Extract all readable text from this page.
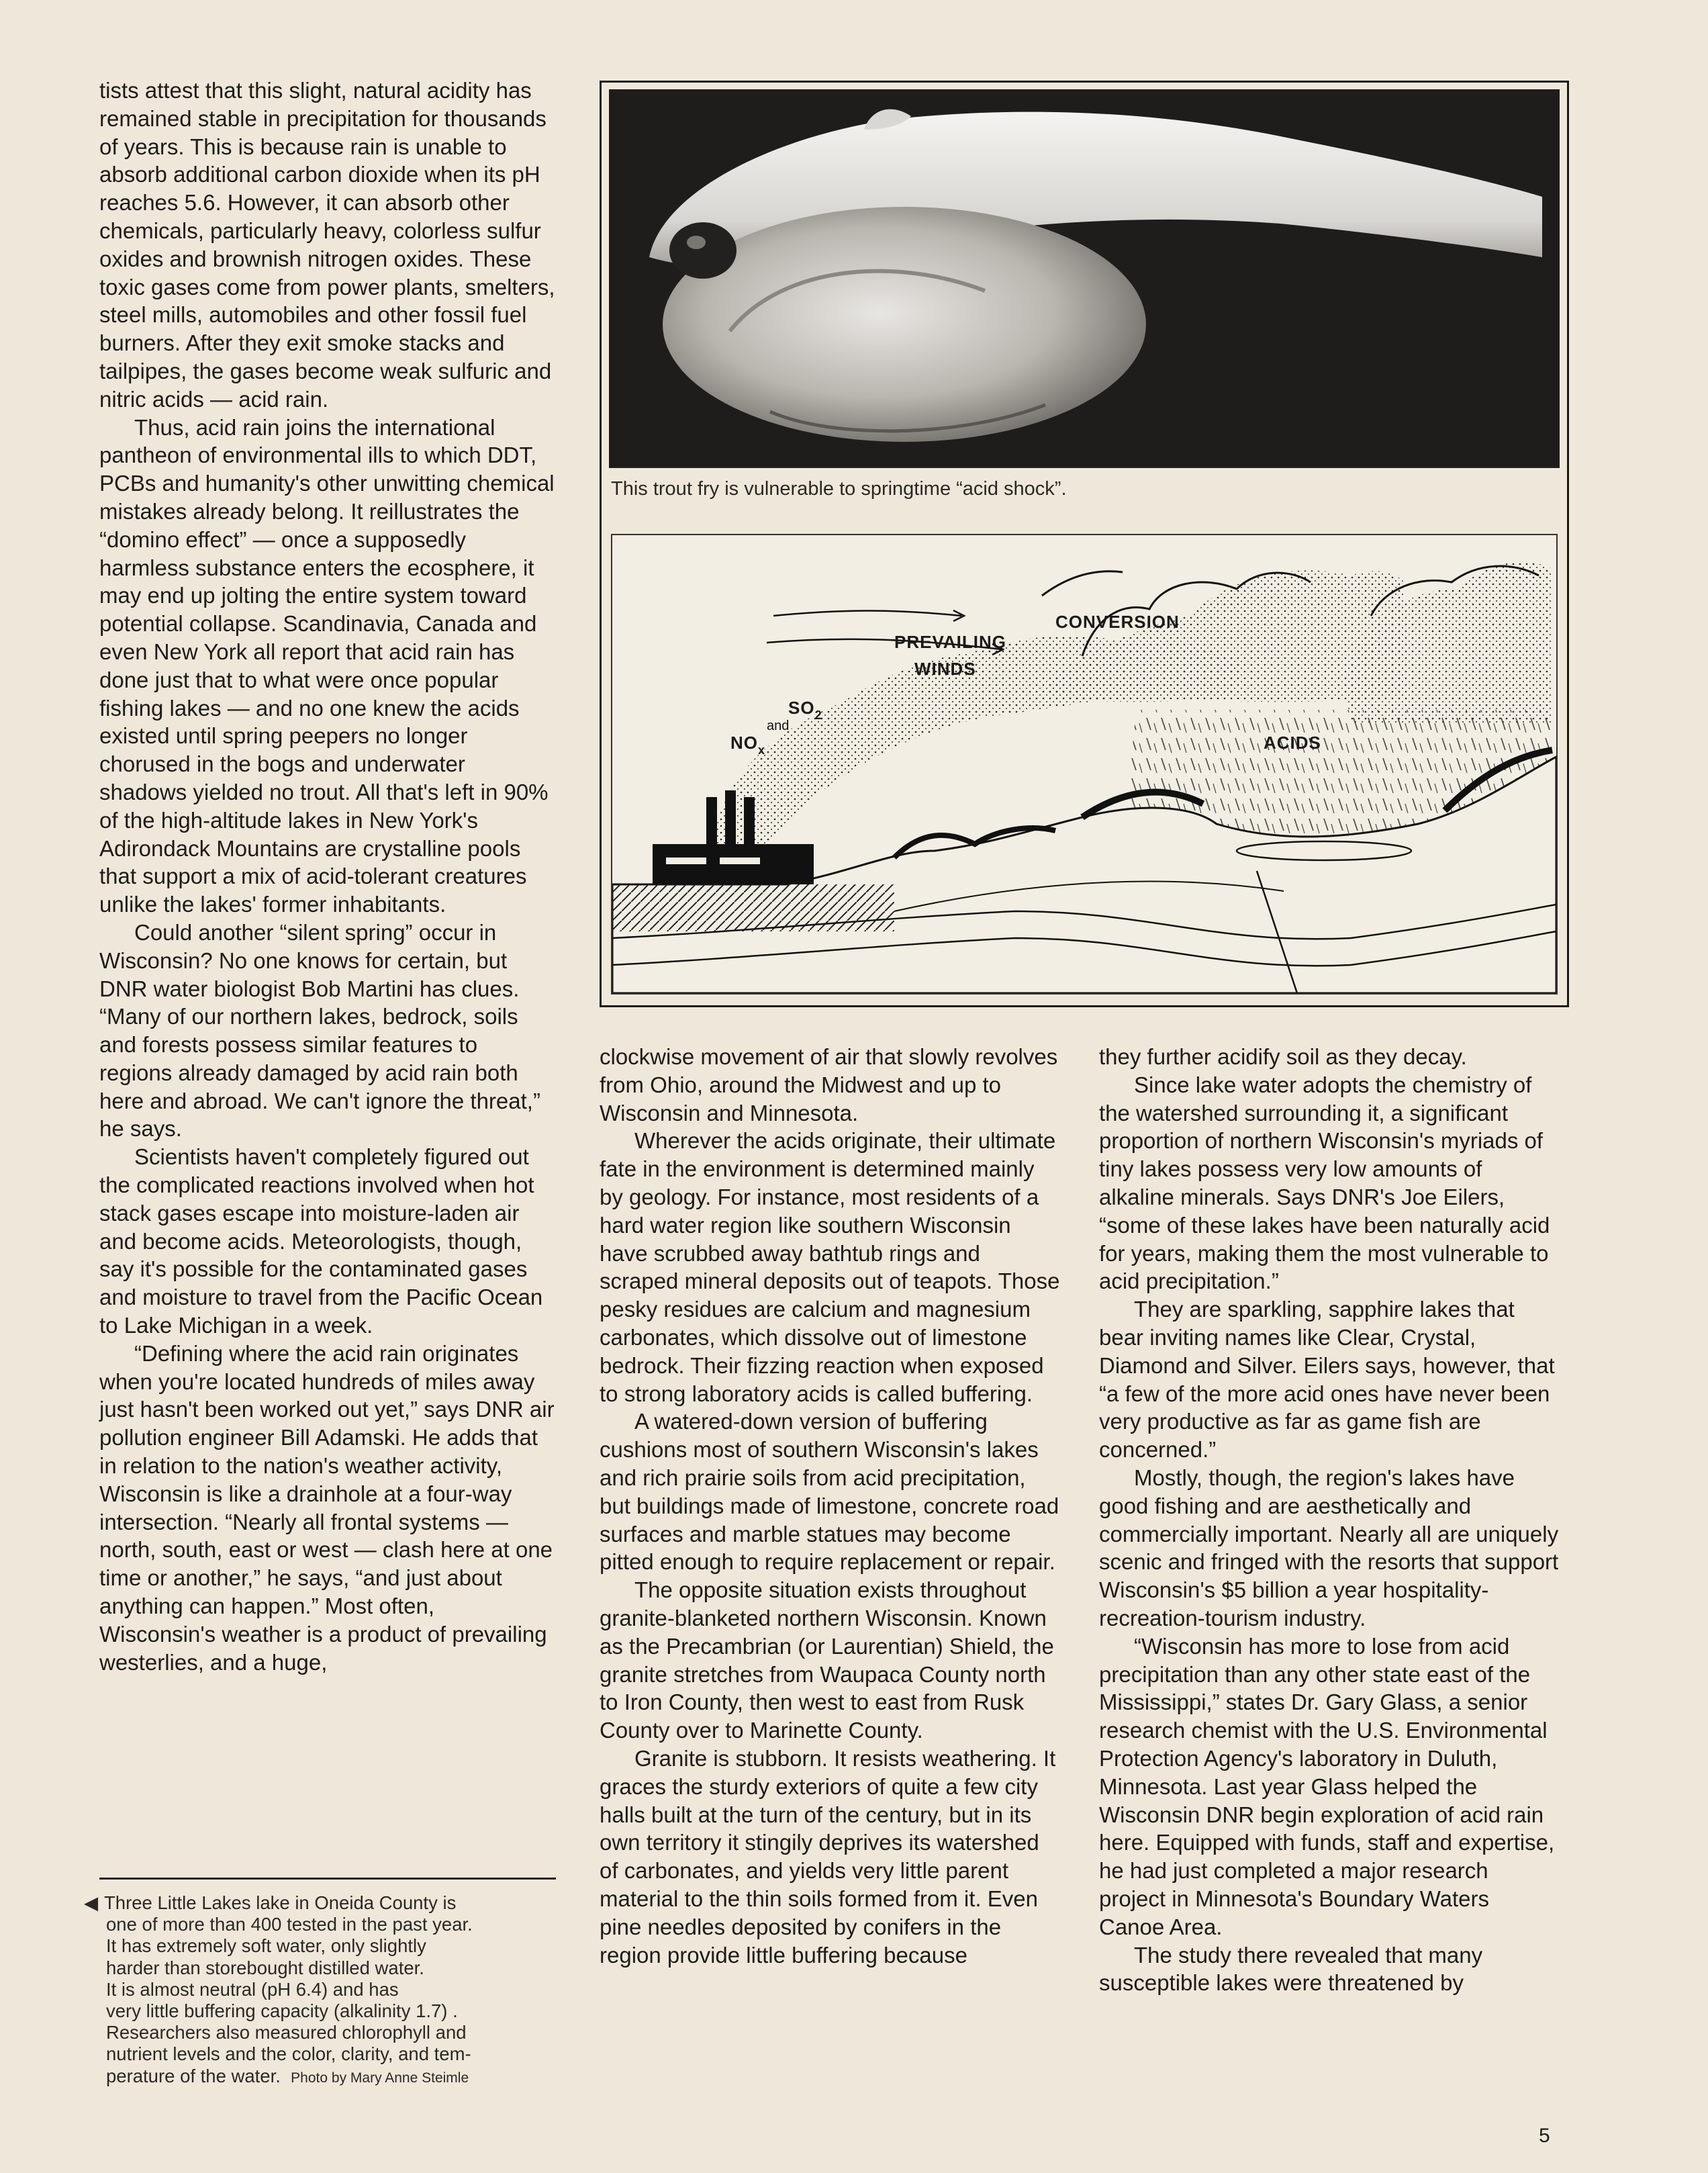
tists attest that this slight, natural acidity has remained stable in precipitation for thousands of years. This is because rain is unable to absorb additional carbon dioxide when its pH reaches 5.6. However, it can absorb other chemicals, particularly heavy, colorless sulfur oxides and brownish nitrogen oxides. These toxic gases come from power plants, smelters, steel mills, automobiles and other fossil fuel burners. After they exit smoke stacks and tailpipes, the gases become weak sulfuric and nitric acids — acid rain.

Thus, acid rain joins the international pantheon of environmental ills to which DDT, PCBs and humanity's other unwitting chemical mistakes already belong. It reillustrates the “domino effect” — once a supposedly harmless substance enters the ecosphere, it may end up jolting the entire system toward potential collapse. Scandinavia, Canada and even New York all report that acid rain has done just that to what were once popular fishing lakes — and no one knew the acids existed until spring peepers no longer chorused in the bogs and underwater shadows yielded no trout. All that's left in 90% of the high-altitude lakes in New York's Adirondack Mountains are crystalline pools that support a mix of acid-tolerant creatures unlike the lakes' former inhabitants.

Could another “silent spring” occur in Wisconsin? No one knows for certain, but DNR water biologist Bob Martini has clues. “Many of our northern lakes, bedrock, soils and forests possess similar features to regions already damaged by acid rain both here and abroad. We can't ignore the threat,” he says.

Scientists haven't completely figured out the complicated reactions involved when hot stack gases escape into moisture-laden air and become acids. Meteorologists, though, say it's possible for the contaminated gases and moisture to travel from the Pacific Ocean to Lake Michigan in a week.

“Defining where the acid rain originates when you're located hundreds of miles away just hasn't been worked out yet,” says DNR air pollution engineer Bill Adamski. He adds that in relation to the nation's weather activity, Wisconsin is like a drainhole at a four-way intersection. “Nearly all frontal systems — north, south, east or west — clash here at one time or another,” he says, “and just about anything can happen.” Most often, Wisconsin's weather is a product of prevailing westerlies, and a huge,

◀ Three Little Lakes lake in Oneida County is
one of more than 400 tested in the past year.
It has extremely soft water, only slightly
harder than storebought distilled water.
It is almost neutral (pH 6.4) and has
very little buffering capacity (alkalinity 1.7) .
Researchers also measured chlorophyll and
nutrient levels and the color, clarity, and tem-
perature of the water. Photo by Mary Anne Steimle
This trout fry is vulnerable to springtime “acid shock”.
PREVAILING
WINDS
CONVERSION
ACIDS
$SO_2$
and
$NO_x$

clockwise movement of air that slowly revolves from Ohio, around the Midwest and up to Wisconsin and Minnesota.

Wherever the acids originate, their ultimate fate in the environment is determined mainly by geology. For instance, most residents of a hard water region like southern Wisconsin have scrubbed away bathtub rings and scraped mineral deposits out of teapots. Those pesky residues are calcium and magnesium carbonates, which dissolve out of limestone bedrock. Their fizzing reaction when exposed to strong laboratory acids is called buffering.

A watered-down version of buffering cushions most of southern Wisconsin's lakes and rich prairie soils from acid precipitation, but buildings made of limestone, concrete road surfaces and marble statues may become pitted enough to require replacement or repair.

The opposite situation exists throughout granite-blanketed northern Wisconsin. Known as the Precambrian (or Laurentian) Shield, the granite stretches from Waupaca County north to Iron County, then west to east from Rusk County over to Marinette County.

Granite is stubborn. It resists weathering. It graces the sturdy exteriors of quite a few city halls built at the turn of the century, but in its own territory it stingily deprives its watershed of carbonates, and yields very little parent material to the thin soils formed from it. Even pine needles deposited by conifers in the region provide little buffering because

they further acidify soil as they decay.

Since lake water adopts the chemistry of the watershed surrounding it, a significant proportion of northern Wisconsin's myriads of tiny lakes possess very low amounts of alkaline minerals. Says DNR's Joe Eilers, “some of these lakes have been naturally acid for years, making them the most vulnerable to acid precipitation.”

They are sparkling, sapphire lakes that bear inviting names like Clear, Crystal, Diamond and Silver. Eilers says, however, that “a few of the more acid ones have never been very productive as far as game fish are concerned.”

Mostly, though, the region's lakes have good fishing and are aesthetically and commercially important. Nearly all are uniquely scenic and fringed with the resorts that support Wisconsin's $5 billion a year hospitality-recreation-tourism industry.

“Wisconsin has more to lose from acid precipitation than any other state east of the Mississippi,” states Dr. Gary Glass, a senior research chemist with the U.S. Environmental Protection Agency's laboratory in Duluth, Minnesota. Last year Glass helped the Wisconsin DNR begin exploration of acid rain here. Equipped with funds, staff and expertise, he had just completed a major research project in Minnesota's Boundary Waters Canoe Area.

The study there revealed that many susceptible lakes were threatened by

5
